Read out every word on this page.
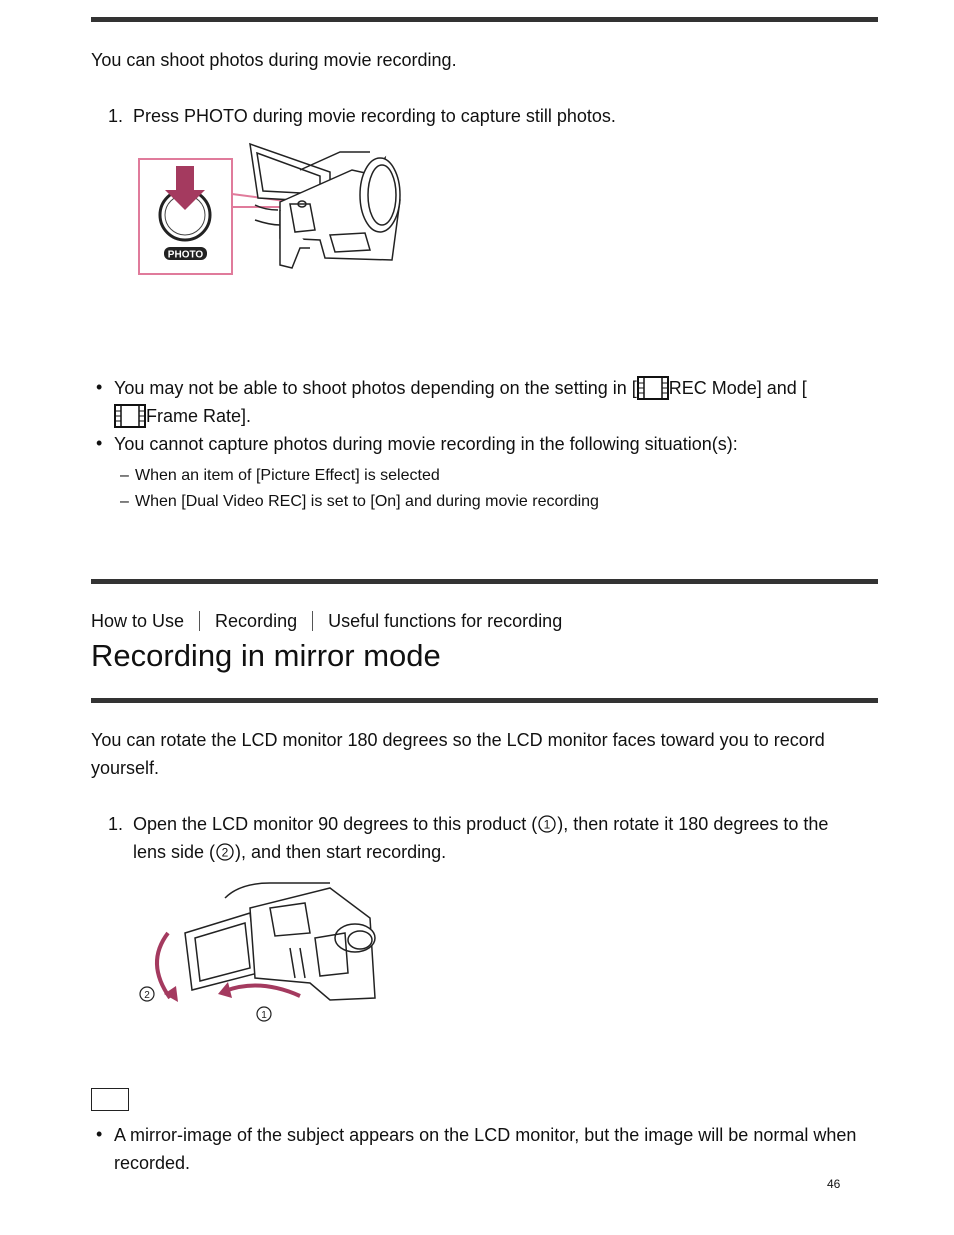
You can shoot photos during movie recording.
1. Press PHOTO during movie recording to capture still photos.
PHOTO
• You may not be able to shoot photos depending on the setting in [ REC Mode] and [
Frame Rate].
• You cannot capture photos during movie recording in the following situation(s):
– When an item of [Picture Effect] is selected
– When [Dual Video REC] is set to [On] and during movie recording
How to Use Recording Useful functions for recording
Recording in mirror mode
You can rotate the LCD monitor 180 degrees so the LCD monitor faces toward you to record yourself.
1. Open the LCD monitor 90 degrees to this product ( 1 ), then rotate it 180 degrees to the
lens side ( 2 ), and then start recording.
2
1
• A mirror-image of the subject appears on the LCD monitor, but the image will be normal when recorded.
46
